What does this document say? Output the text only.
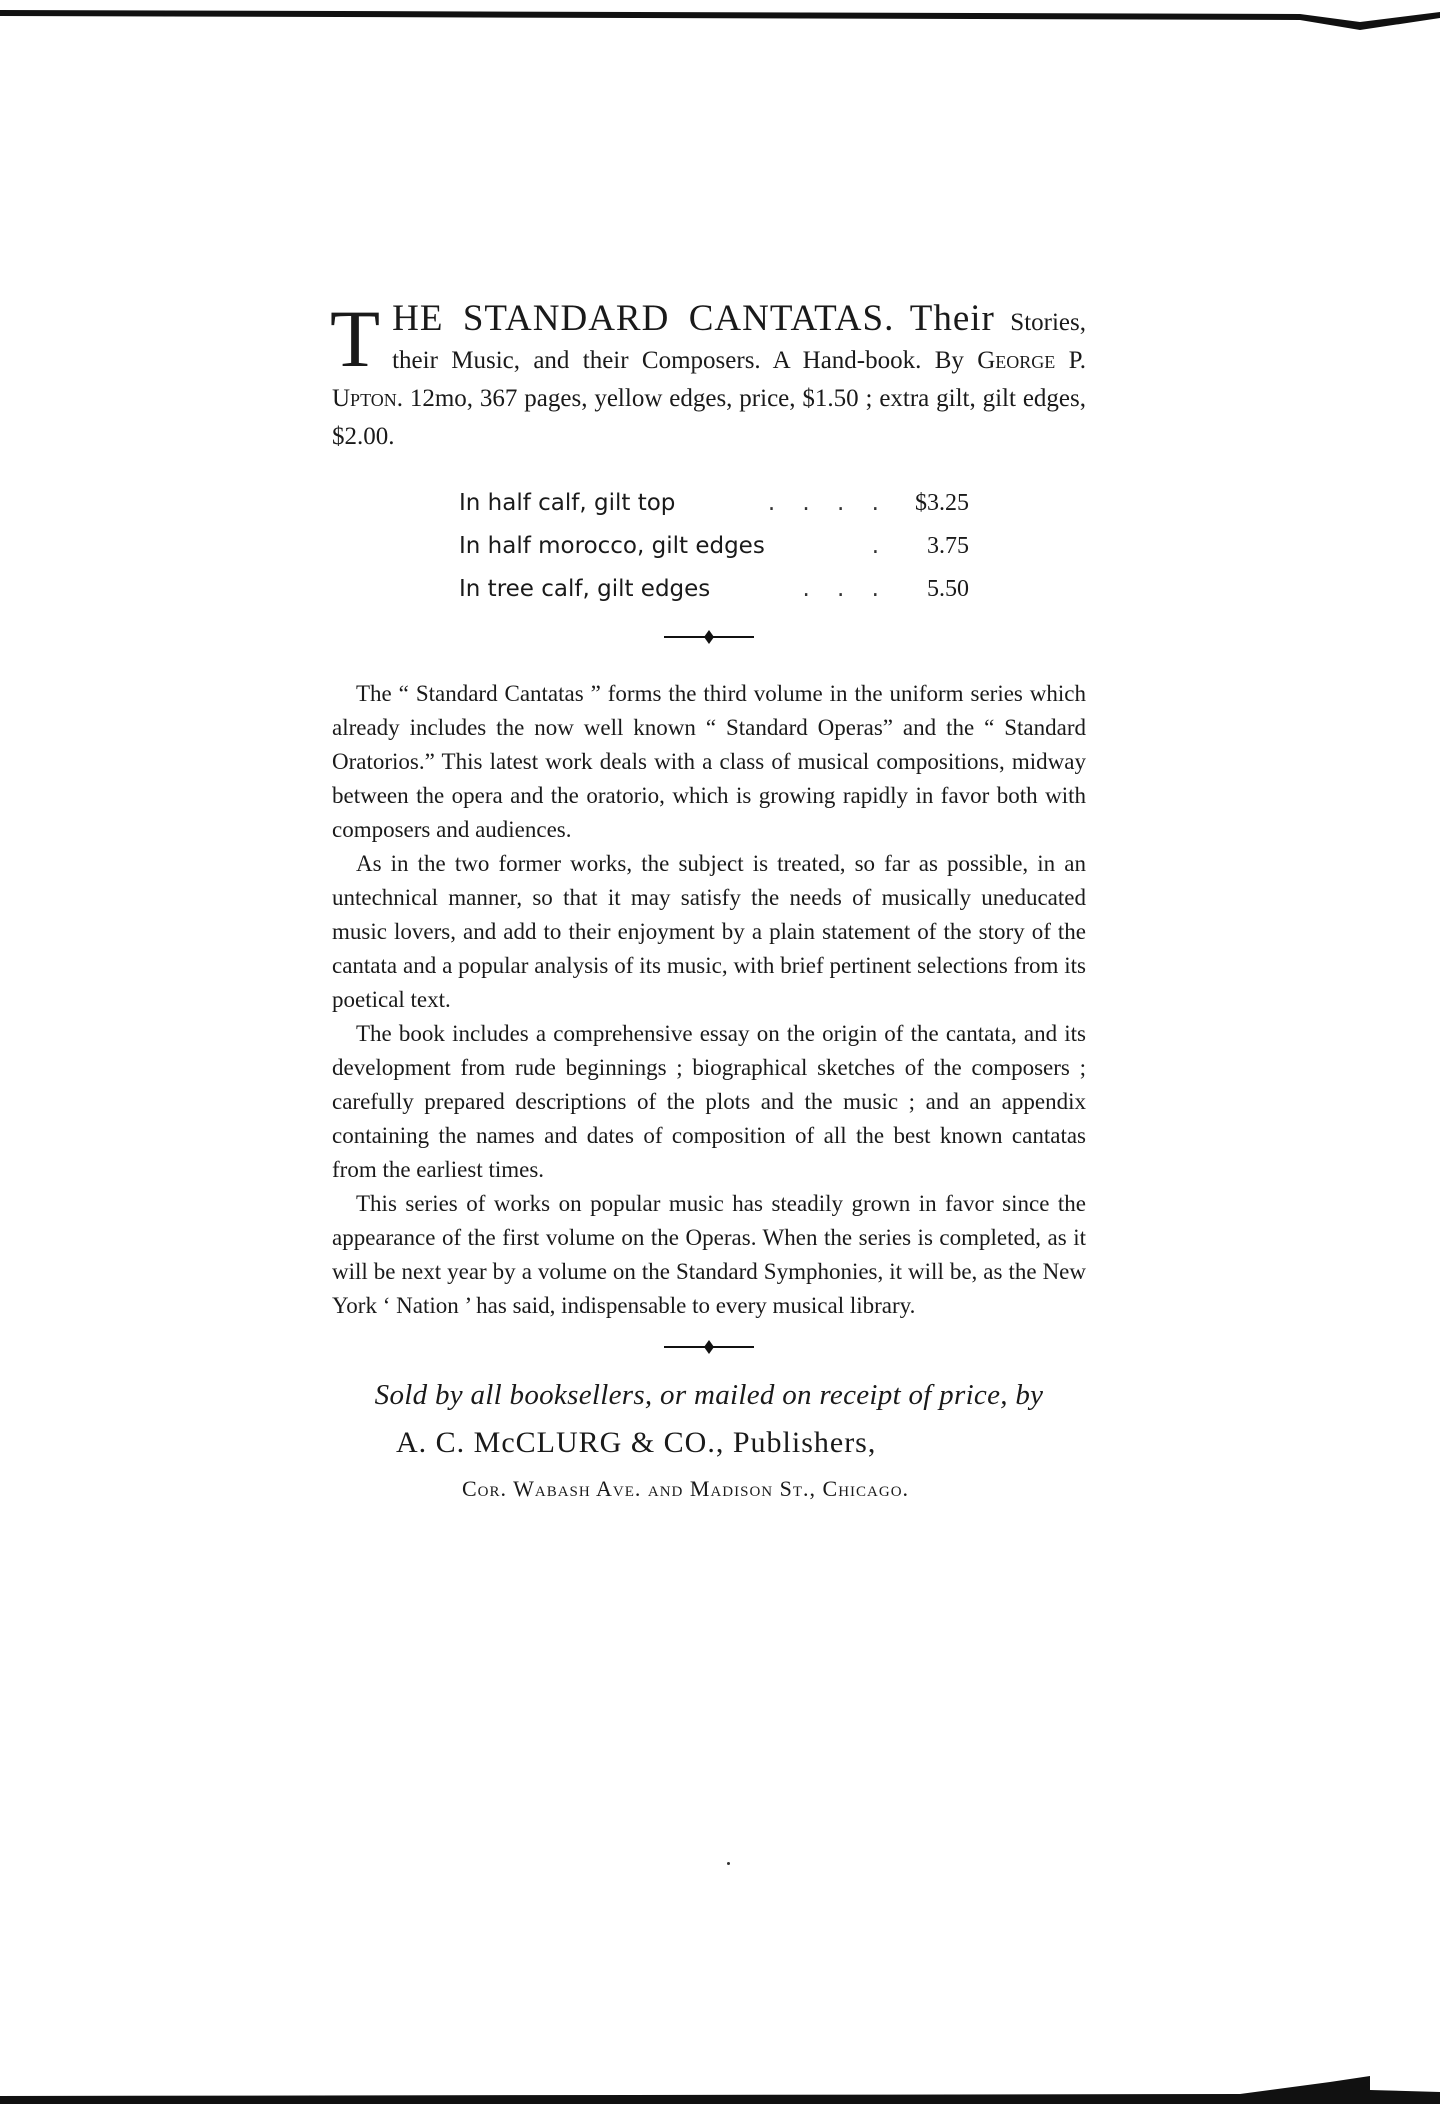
T HE STANDARD CANTATAS. Their Stories, their Music, and their Composers. A Hand-book. By George P. Upton. 12mo, 367 pages, yellow edges, price, $1.50 ; extra gilt, gilt edges, $2.00.
In half calf, gilt top	. . . .	$3.25
In half morocco, gilt edges	.	3.75
In tree calf, gilt edges	. . .	5.50

The “ Standard Cantatas ” forms the third volume in the uniform series which already includes the now well known “ Standard Operas” and the “ Standard Oratorios.” This latest work deals with a class of musical compositions, midway between the opera and the oratorio, which is growing rapidly in favor both with composers and audiences.

As in the two former works, the subject is treated, so far as possible, in an untechnical manner, so that it may satisfy the needs of musically uneducated music lovers, and add to their enjoyment by a plain statement of the story of the cantata and a popular analysis of its music, with brief pertinent selections from its poetical text.

The book includes a comprehensive essay on the origin of the cantata, and its development from rude beginnings ; biographical sketches of the composers ; carefully prepared descriptions of the plots and the music ; and an appendix containing the names and dates of composition of all the best known cantatas from the earliest times.

This series of works on popular music has steadily grown in favor since the appearance of the first volume on the Operas. When the series is completed, as it will be next year by a volume on the Standard Symphonies, it will be, as the New York ‘ Nation ’ has said, indispensable to every musical library.

Sold by all booksellers, or mailed on receipt of price, by
A. C. McCLURG & CO., Publishers,
Cor. Wabash Ave. and Madison St., Chicago.
